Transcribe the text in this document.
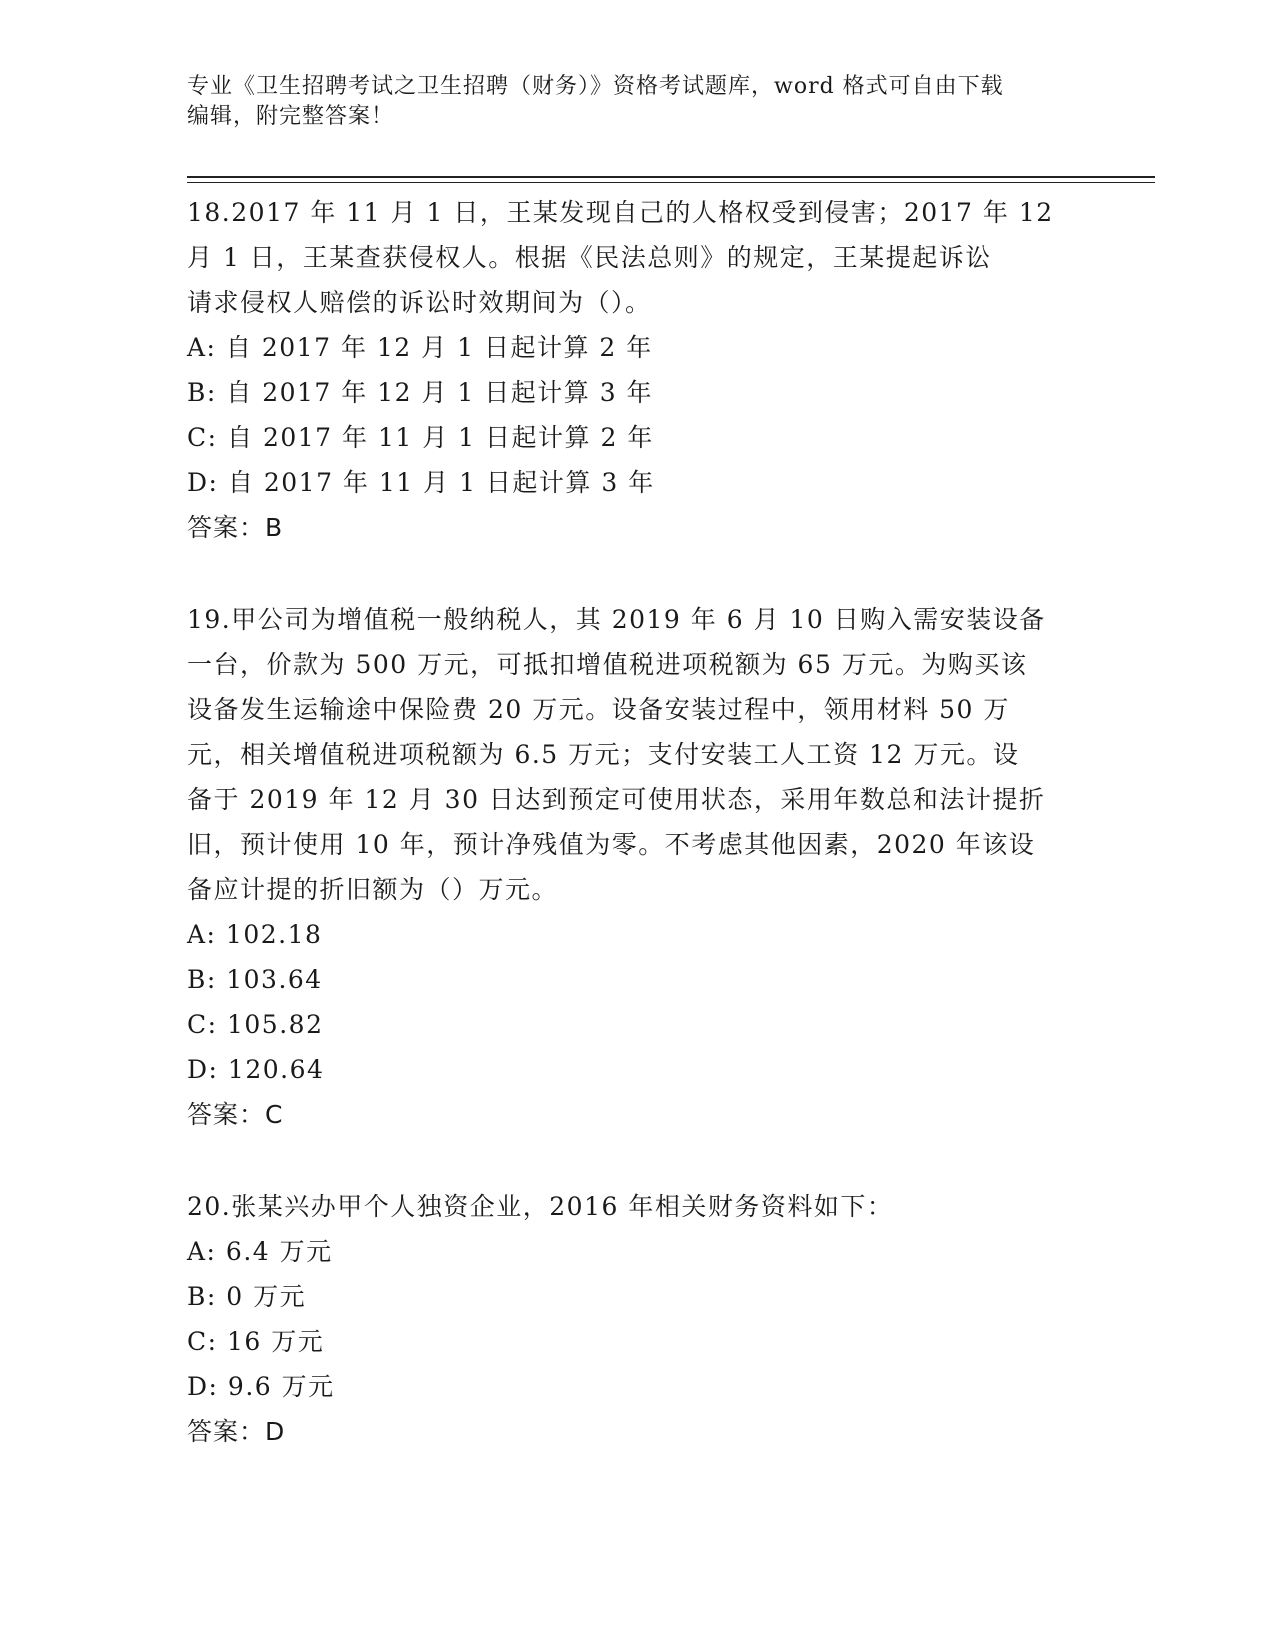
专业《卫生招聘考试之卫生招聘（财务）》资格考试题库，word 格式可自由下载
编辑，附完整答案！

18.2017 年 11 月 1 日，王某发现自己的人格权受到侵害；2017 年 12

月 1 日，王某查获侵权人。根据《民法总则》的规定，王某提起诉讼

请求侵权人赔偿的诉讼时效期间为（）。

A: 自 2017 年 12 月 1 日起计算 2 年

B: 自 2017 年 12 月 1 日起计算 3 年

C: 自 2017 年 11 月 1 日起计算 2 年

D: 自 2017 年 11 月 1 日起计算 3 年

答案：B

19.甲公司为增值税一般纳税人，其 2019 年 6 月 10 日购入需安装设备

一台，价款为 500 万元，可抵扣增值税进项税额为 65 万元。为购买该

设备发生运输途中保险费 20 万元。设备安装过程中，领用材料 50 万

元，相关增值税进项税额为 6.5 万元；支付安装工人工资 12 万元。设

备于 2019 年 12 月 30 日达到预定可使用状态，采用年数总和法计提折

旧，预计使用 10 年，预计净残值为零。不考虑其他因素，2020 年该设

备应计提的折旧额为（）万元。

A: 102.18

B: 103.64

C: 105.82

D: 120.64

答案：C

20.张某兴办甲个人独资企业，2016 年相关财务资料如下：

A: 6.4 万元

B: 0 万元

C: 16 万元

D: 9.6 万元

答案：D
